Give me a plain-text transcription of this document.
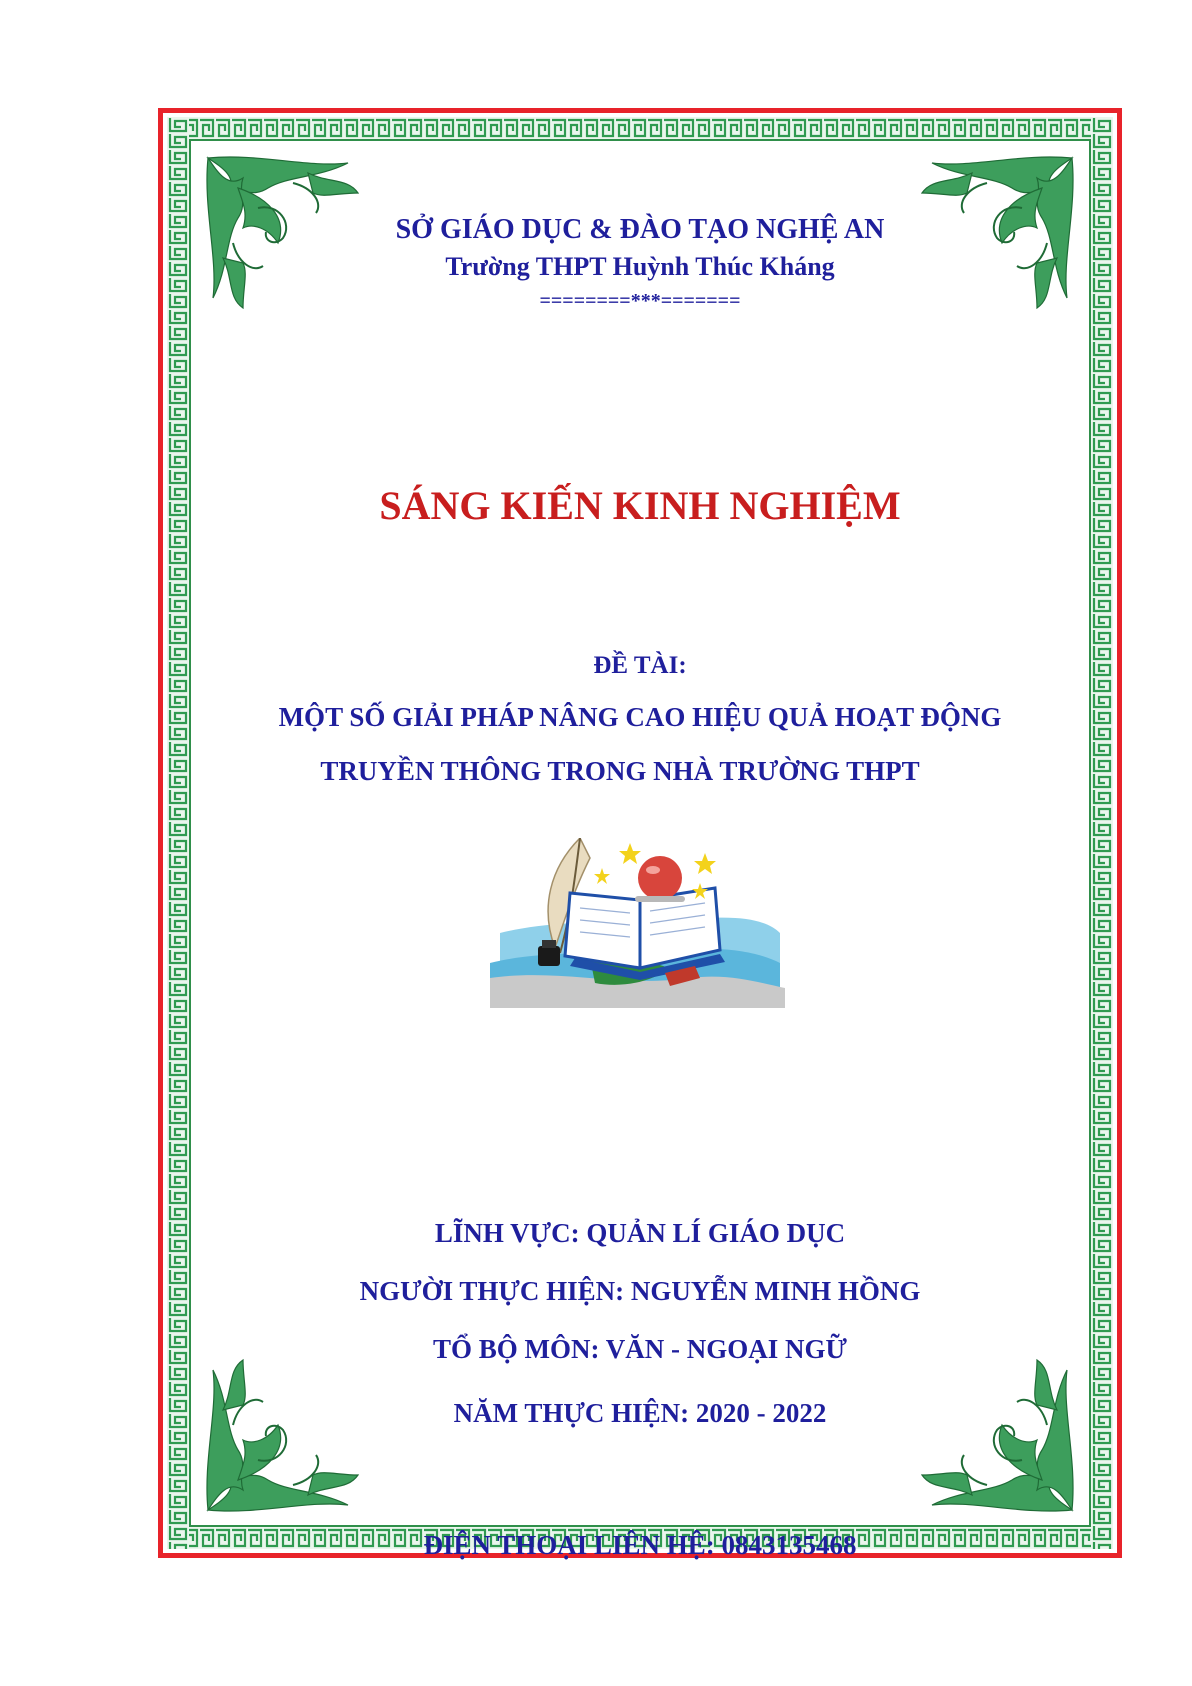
SỞ GIÁO DỤC & ĐÀO TẠO NGHỆ AN
Trường THPT Huỳnh Thúc Kháng
========***=======
SÁNG KIẾN KINH NGHIỆM
ĐỀ TÀI:
MỘT SỐ GIẢI PHÁP NÂNG CAO HIỆU QUẢ HOẠT ĐỘNG
TRUYỀN THÔNG TRONG NHÀ TRƯỜNG THPT
LĨNH VỰC: QUẢN LÍ GIÁO DỤC
NGƯỜI THỰC HIỆN: NGUYỄN MINH HỒNG
TỔ BỘ MÔN: VĂN - NGOẠI NGỮ
NĂM THỰC HIỆN: 2020 - 2022
ĐIỆN THOẠI LIÊN HỆ: 0843135468
